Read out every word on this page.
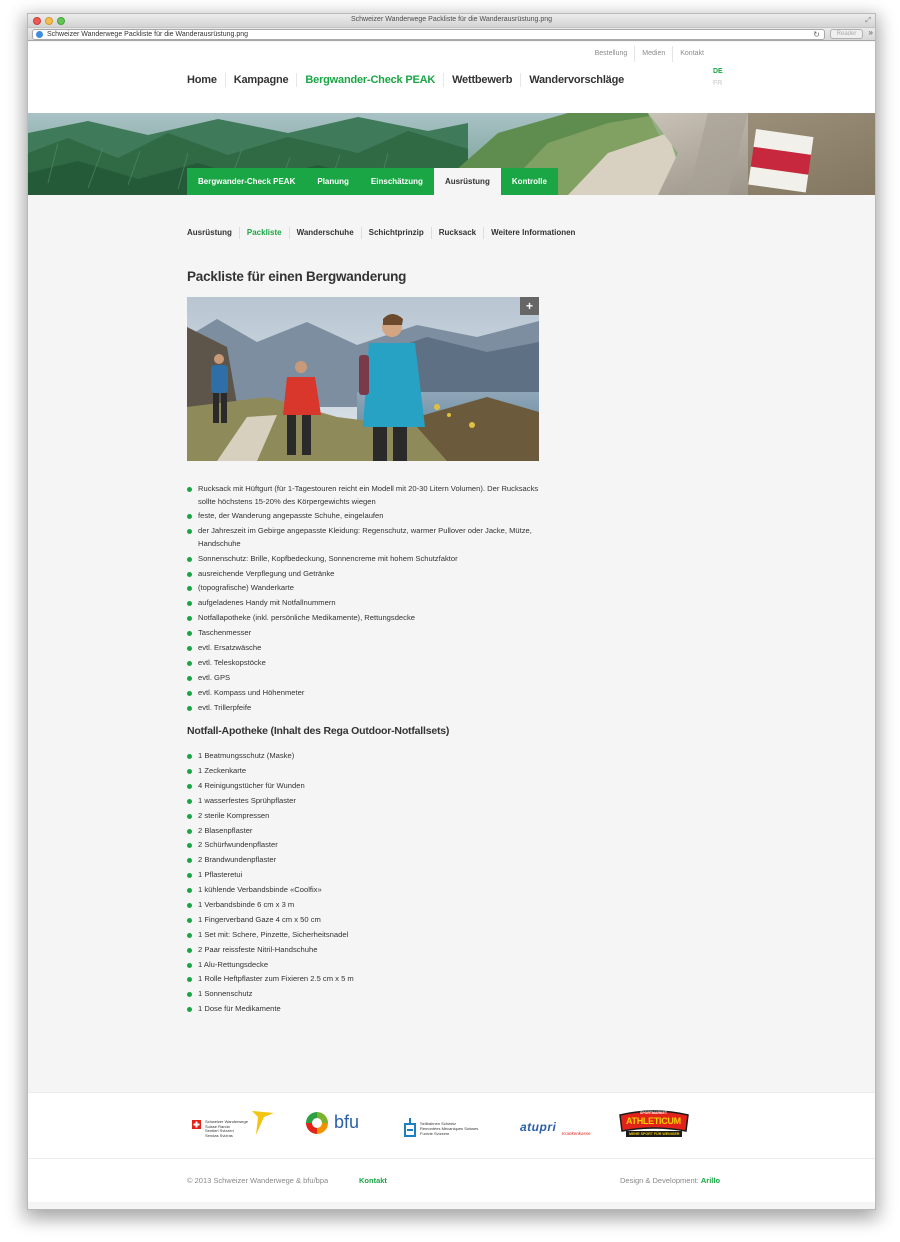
Schweizer Wanderwege Packliste für die Wanderausrüstung.png	⤢
Schweizer Wanderwege Packliste für die Wanderausrüstung.png	↻	Reader	»
Bestellung	Medien	Kontakt
Home	Kampagne	Bergwander-Check PEAK	Wettbewerb	Wandervorschläge
DE
FR
Bergwander-Check PEAK	Planung	Einschätzung	Ausrüstung	Kontrolle
Ausrüstung	Packliste	Wanderschuhe	Schichtprinzip	Rucksack	Weitere Informationen
Packliste für einen Bergwanderung
+
Rucksack mit Hüftgurt (für 1-Tagestouren reicht ein Modell mit 20-30 Litern Volumen). Der Rucksacks sollte höchstens 15-20% des Körpergewichts wiegen
feste, der Wanderung angepasste Schuhe, eingelaufen
der Jahreszeit im Gebirge angepasste Kleidung: Regenschutz, warmer Pullover oder Jacke, Mütze, Handschuhe
Sonnenschutz: Brille, Kopfbedeckung, Sonnencreme mit hohem Schutzfaktor
ausreichende Verpflegung und Getränke
(topografische) Wanderkarte
aufgeladenes Handy mit Notfallnummern
Notfallapotheke (inkl. persönliche Medikamente), Rettungsdecke
Taschenmesser
evtl. Ersatzwäsche
evtl. Teleskopstöcke
evtl. GPS
evtl. Kompass und Höhenmeter
evtl. Trillerpfeife
Notfall-Apotheke (Inhalt des Rega Outdoor-Notfallsets)
1 Beatmungsschutz (Maske)
1 Zeckenkarte
4 Reinigungstücher für Wunden
1 wasserfestes Sprühpflaster
2 sterile Kompressen
2 Blasenpflaster
2 Schürfwundenpflaster
2 Brandwundenpflaster
1 Pflasteretui
1 kühlende Verbandsbinde «Coolfix»
1 Verbandsbinde 6 cm x 3 m
1 Fingerverband Gaze 4 cm x 50 cm
1 Set mit: Schere, Pinzette, Sicherheitsnadel
2 Paar reissfeste Nitril-Handschuhe
1 Alu-Rettungsdecke
1 Rolle Heftpflaster zum Fixieren 2.5 cm x 5 m
1 Sonnenschutz
1 Dose für Medikamente
Schweizer Wanderwege
Suisse Rando
Sentieri Svizzeri
Sendas Svizras
bfu	Seilbahnen Schweiz
Remontées Mécaniques Suisses
Funivie Svizzere	atupri Krankenkasse
SPORTMARKET
ATHLETICUM
MEHR SPORT FÜR WENIGER
© 2013 Schweizer Wanderwege & bfu/bpa	Kontakt	Design & Development: Arillo
